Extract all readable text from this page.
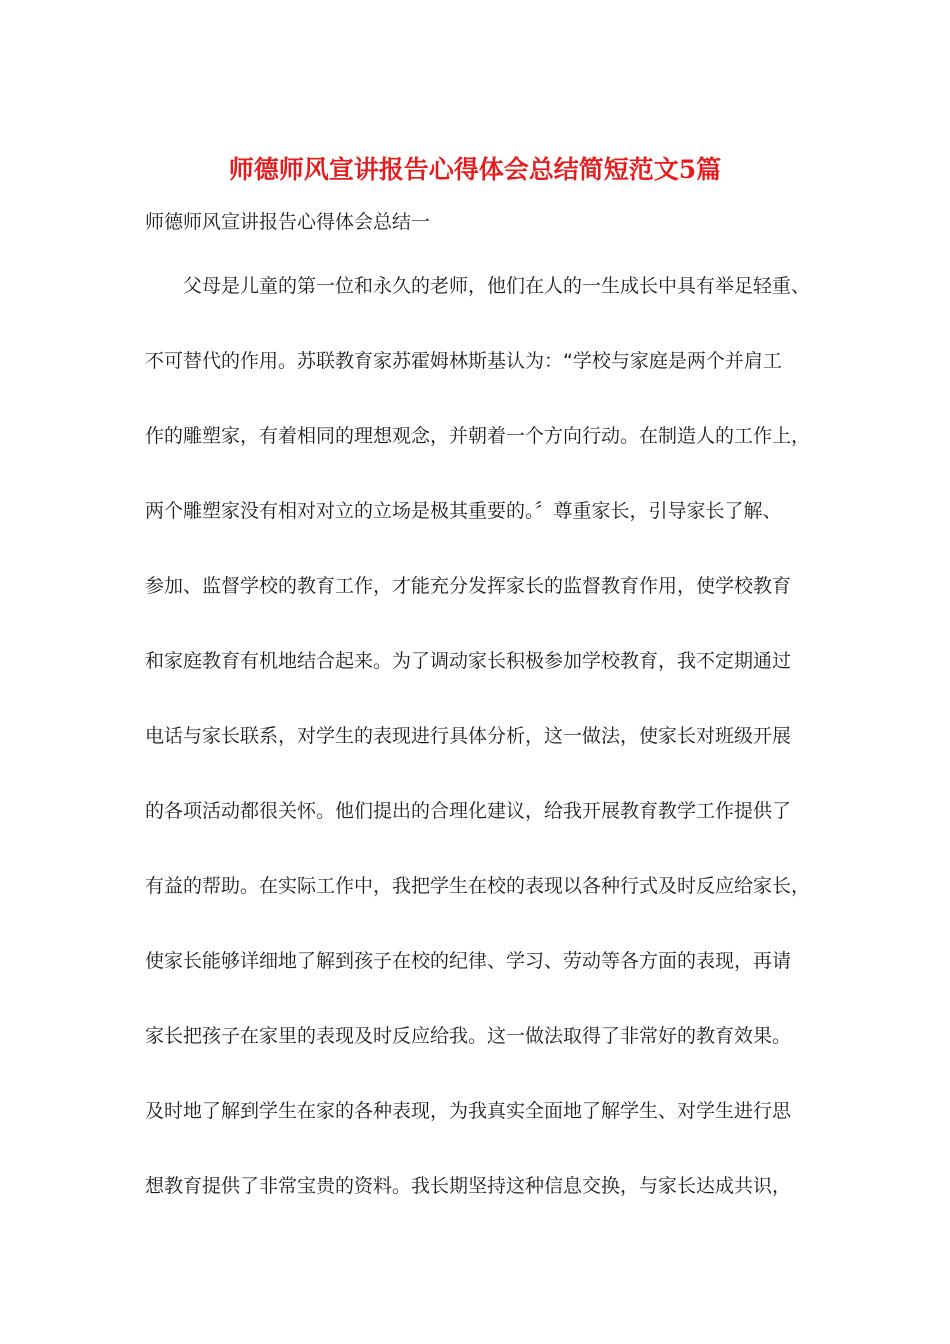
师德师风宣讲报告心得体会总结简短范文5篇
师德师风宣讲报告心得体会总结一
父母是儿童的第一位和永久的老师，他们在人的一生成长中具有举足轻重、
不可替代的作用。苏联教育家苏霍姆林斯基认为：“学校与家庭是两个并肩工
作的雕塑家，有着相同的理想观念，并朝着一个方向行动。在制造人的工作上，
两个雕塑家没有相对对立的立场是极其重要的。〞尊重家长，引导家长了解、
参加、监督学校的教育工作，才能充分发挥家长的监督教育作用，使学校教育
和家庭教育有机地结合起来。为了调动家长积极参加学校教育，我不定期通过
电话与家长联系，对学生的表现进行具体分析，这一做法，使家长对班级开展
的各项活动都很关怀。他们提出的合理化建议，给我开展教育教学工作提供了
有益的帮助。在实际工作中，我把学生在校的表现以各种行式及时反应给家长，
使家长能够详细地了解到孩子在校的纪律、学习、劳动等各方面的表现，再请
家长把孩子在家里的表现及时反应给我。这一做法取得了非常好的教育效果。
及时地了解到学生在家的各种表现，为我真实全面地了解学生、对学生进行思
想教育提供了非常宝贵的资料。我长期坚持这种信息交换，与家长达成共识，
